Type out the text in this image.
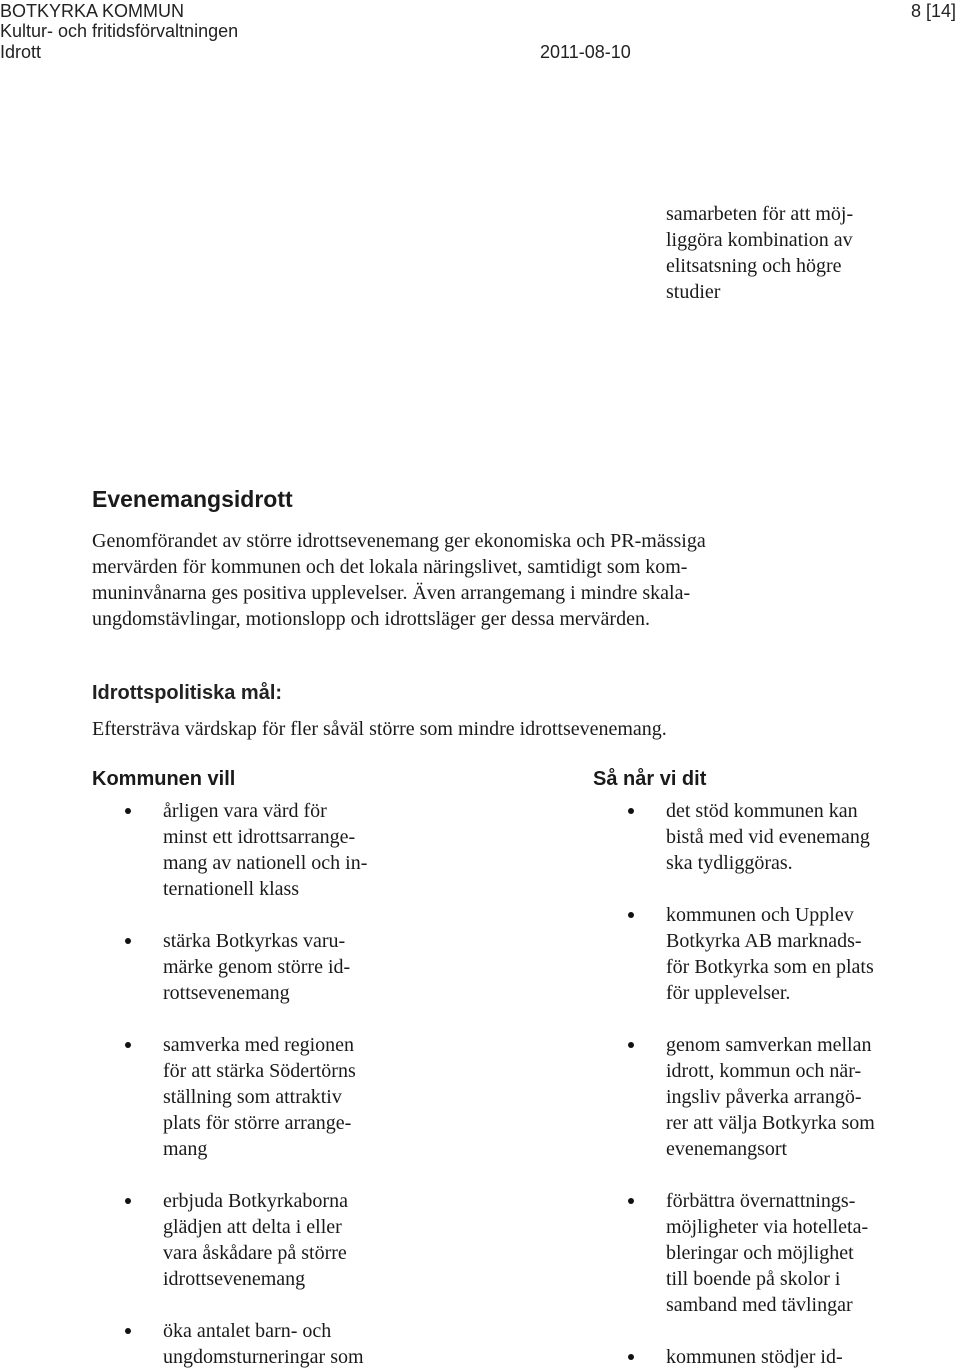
BOTKYRKA KOMMUN
Kultur- och fritidsförvaltningen
Idrott	2011-08-10
8 [14]
samarbeten för att möj-
liggöra kombination av
elitsatsning och högre
studier
Evenemangsidrott
Genomförandet av större idrottsevenemang ger ekonomiska och PR-mässiga
mervärden för kommunen och det lokala näringslivet, samtidigt som kom-
muninvånarna ges positiva upplevelser. Även arrangemang i mindre skala-
ungdomstävlingar, motionslopp och idrottsläger ger dessa mervärden.
Idrottspolitiska mål:
Eftersträva värdskap för fler såväl större som mindre idrottsevenemang.
Kommunen vill	Så når vi dit
årligen vara värd för
minst ett idrottsarrange-
mang av nationell och in-
ternationell klass
stärka Botkyrkas varu-
märke genom större id-
rottsevenemang
samverka med regionen
för att stärka Södertörns
ställning som attraktiv
plats för större arrange-
mang
erbjuda Botkyrkaborna
glädjen att delta i eller
vara åskådare på större
idrottsevenemang
öka antalet barn- och
ungdomsturneringar som
det stöd kommunen kan
bistå med vid evenemang
ska tydliggöras.
kommunen och Upplev
Botkyrka AB marknads-
för Botkyrka som en plats
för upplevelser.
genom samverkan mellan
idrott, kommun och när-
ingsliv påverka arrangö-
rer att välja Botkyrka som
evenemangsort
förbättra övernattnings-
möjligheter via hotelleta-
bleringar och möjlighet
till boende på skolor i
samband med tävlingar
kommunen stödjer id-
